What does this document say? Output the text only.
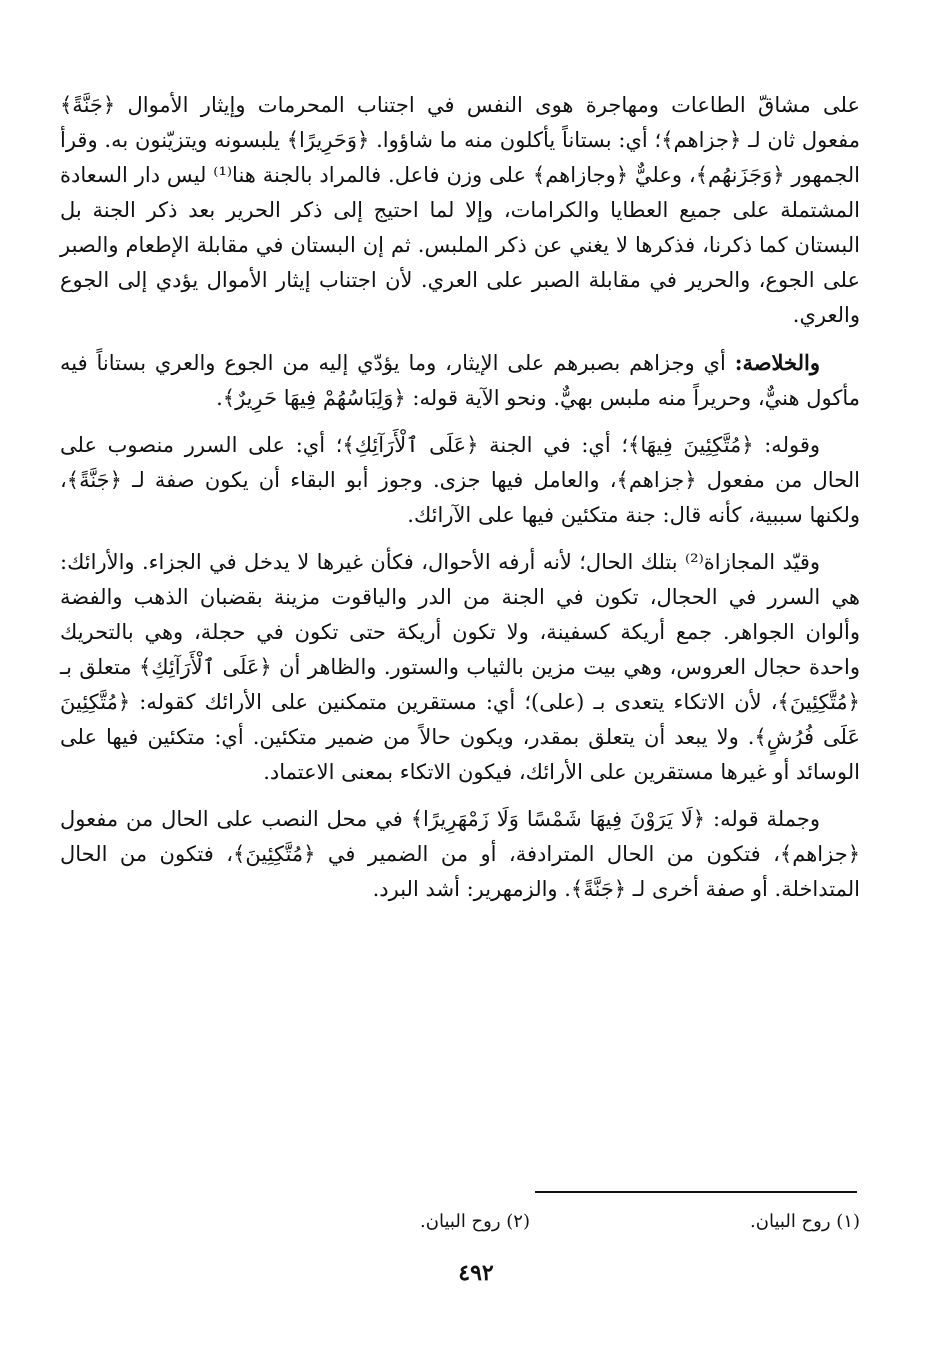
على مشاقّ الطاعات ومهاجرة هوى النفس في اجتناب المحرمات وإيثار الأموال ﴿جَنَّةً﴾ مفعول ثان لـ ﴿جزاهم﴾؛ أي: بستاناً يأكلون منه ما شاؤوا. ﴿وَحَرِيرًا﴾ يلبسونه ويتزيّنون به. وقرأ الجمهور ﴿وَجَزَنهُم﴾، وعليٌّ ﴿وجازاهم﴾ على وزن فاعل. فالمراد بالجنة هنا⁽¹⁾ ليس دار السعادة المشتملة على جميع العطايا والكرامات، وإلا لما احتيج إلى ذكر الحرير بعد ذكر الجنة بل البستان كما ذكرنا، فذكرها لا يغني عن ذكر الملبس. ثم إن البستان في مقابلة الإطعام والصبر على الجوع، والحرير في مقابلة الصبر على العري. لأن اجتناب إيثار الأموال يؤدي إلى الجوع والعري.

والخلاصة: أي وجزاهم بصبرهم على الإيثار، وما يؤدّي إليه من الجوع والعري بستاناً فيه مأكول هنيٌّ، وحريراً منه ملبس بهيٌّ. ونحو الآية قوله: ﴿وَلِبَاسُهُمْ فِيهَا حَرِيرٌ﴾.

وقوله: ﴿مُتَّكِئِينَ فِيهَا﴾؛ أي: في الجنة ﴿عَلَى ٱلْأَرَآئِكِ﴾؛ أي: على السرر منصوب على الحال من مفعول ﴿جزاهم﴾، والعامل فيها جزى. وجوز أبو البقاء أن يكون صفة لـ ﴿جَنَّةً﴾، ولكنها سببية، كأنه قال: جنة متكئين فيها على الآرائك.

وقيّد المجازاة⁽²⁾ بتلك الحال؛ لأنه أرفه الأحوال، فكأن غيرها لا يدخل في الجزاء. والأرائك: هي السرر في الحجال، تكون في الجنة من الدر والياقوت مزينة بقضبان الذهب والفضة وألوان الجواهر. جمع أريكة كسفينة، ولا تكون أريكة حتى تكون في حجلة، وهي بالتحريك واحدة حجال العروس، وهي بيت مزين بالثياب والستور. والظاهر أن ﴿عَلَى ٱلْأَرَآئِكِ﴾ متعلق بـ ﴿مُتَّكِئِينَ﴾، لأن الاتكاء يتعدى بـ (على)؛ أي: مستقرين متمكنين على الأرائك كقوله: ﴿مُتَّكِئِينَ عَلَى فُرُشٍ﴾. ولا يبعد أن يتعلق بمقدر، ويكون حالاً من ضمير متكئين. أي: متكئين فيها على الوسائد أو غيرها مستقرين على الأرائك، فيكون الاتكاء بمعنى الاعتماد.

وجملة قوله: ﴿لَا يَرَوْنَ فِيهَا شَمْسًا وَلَا زَمْهَرِيرًا﴾ في محل النصب على الحال من مفعول ﴿جزاهم﴾، فتكون من الحال المترادفة، أو من الضمير في ﴿مُتَّكِئِينَ﴾، فتكون من الحال المتداخلة. أو صفة أخرى لـ ﴿جَنَّةً﴾. والزمهرير: أشد البرد.

(١) روح البيان.
(٢) روح البيان.
٤٩٢
